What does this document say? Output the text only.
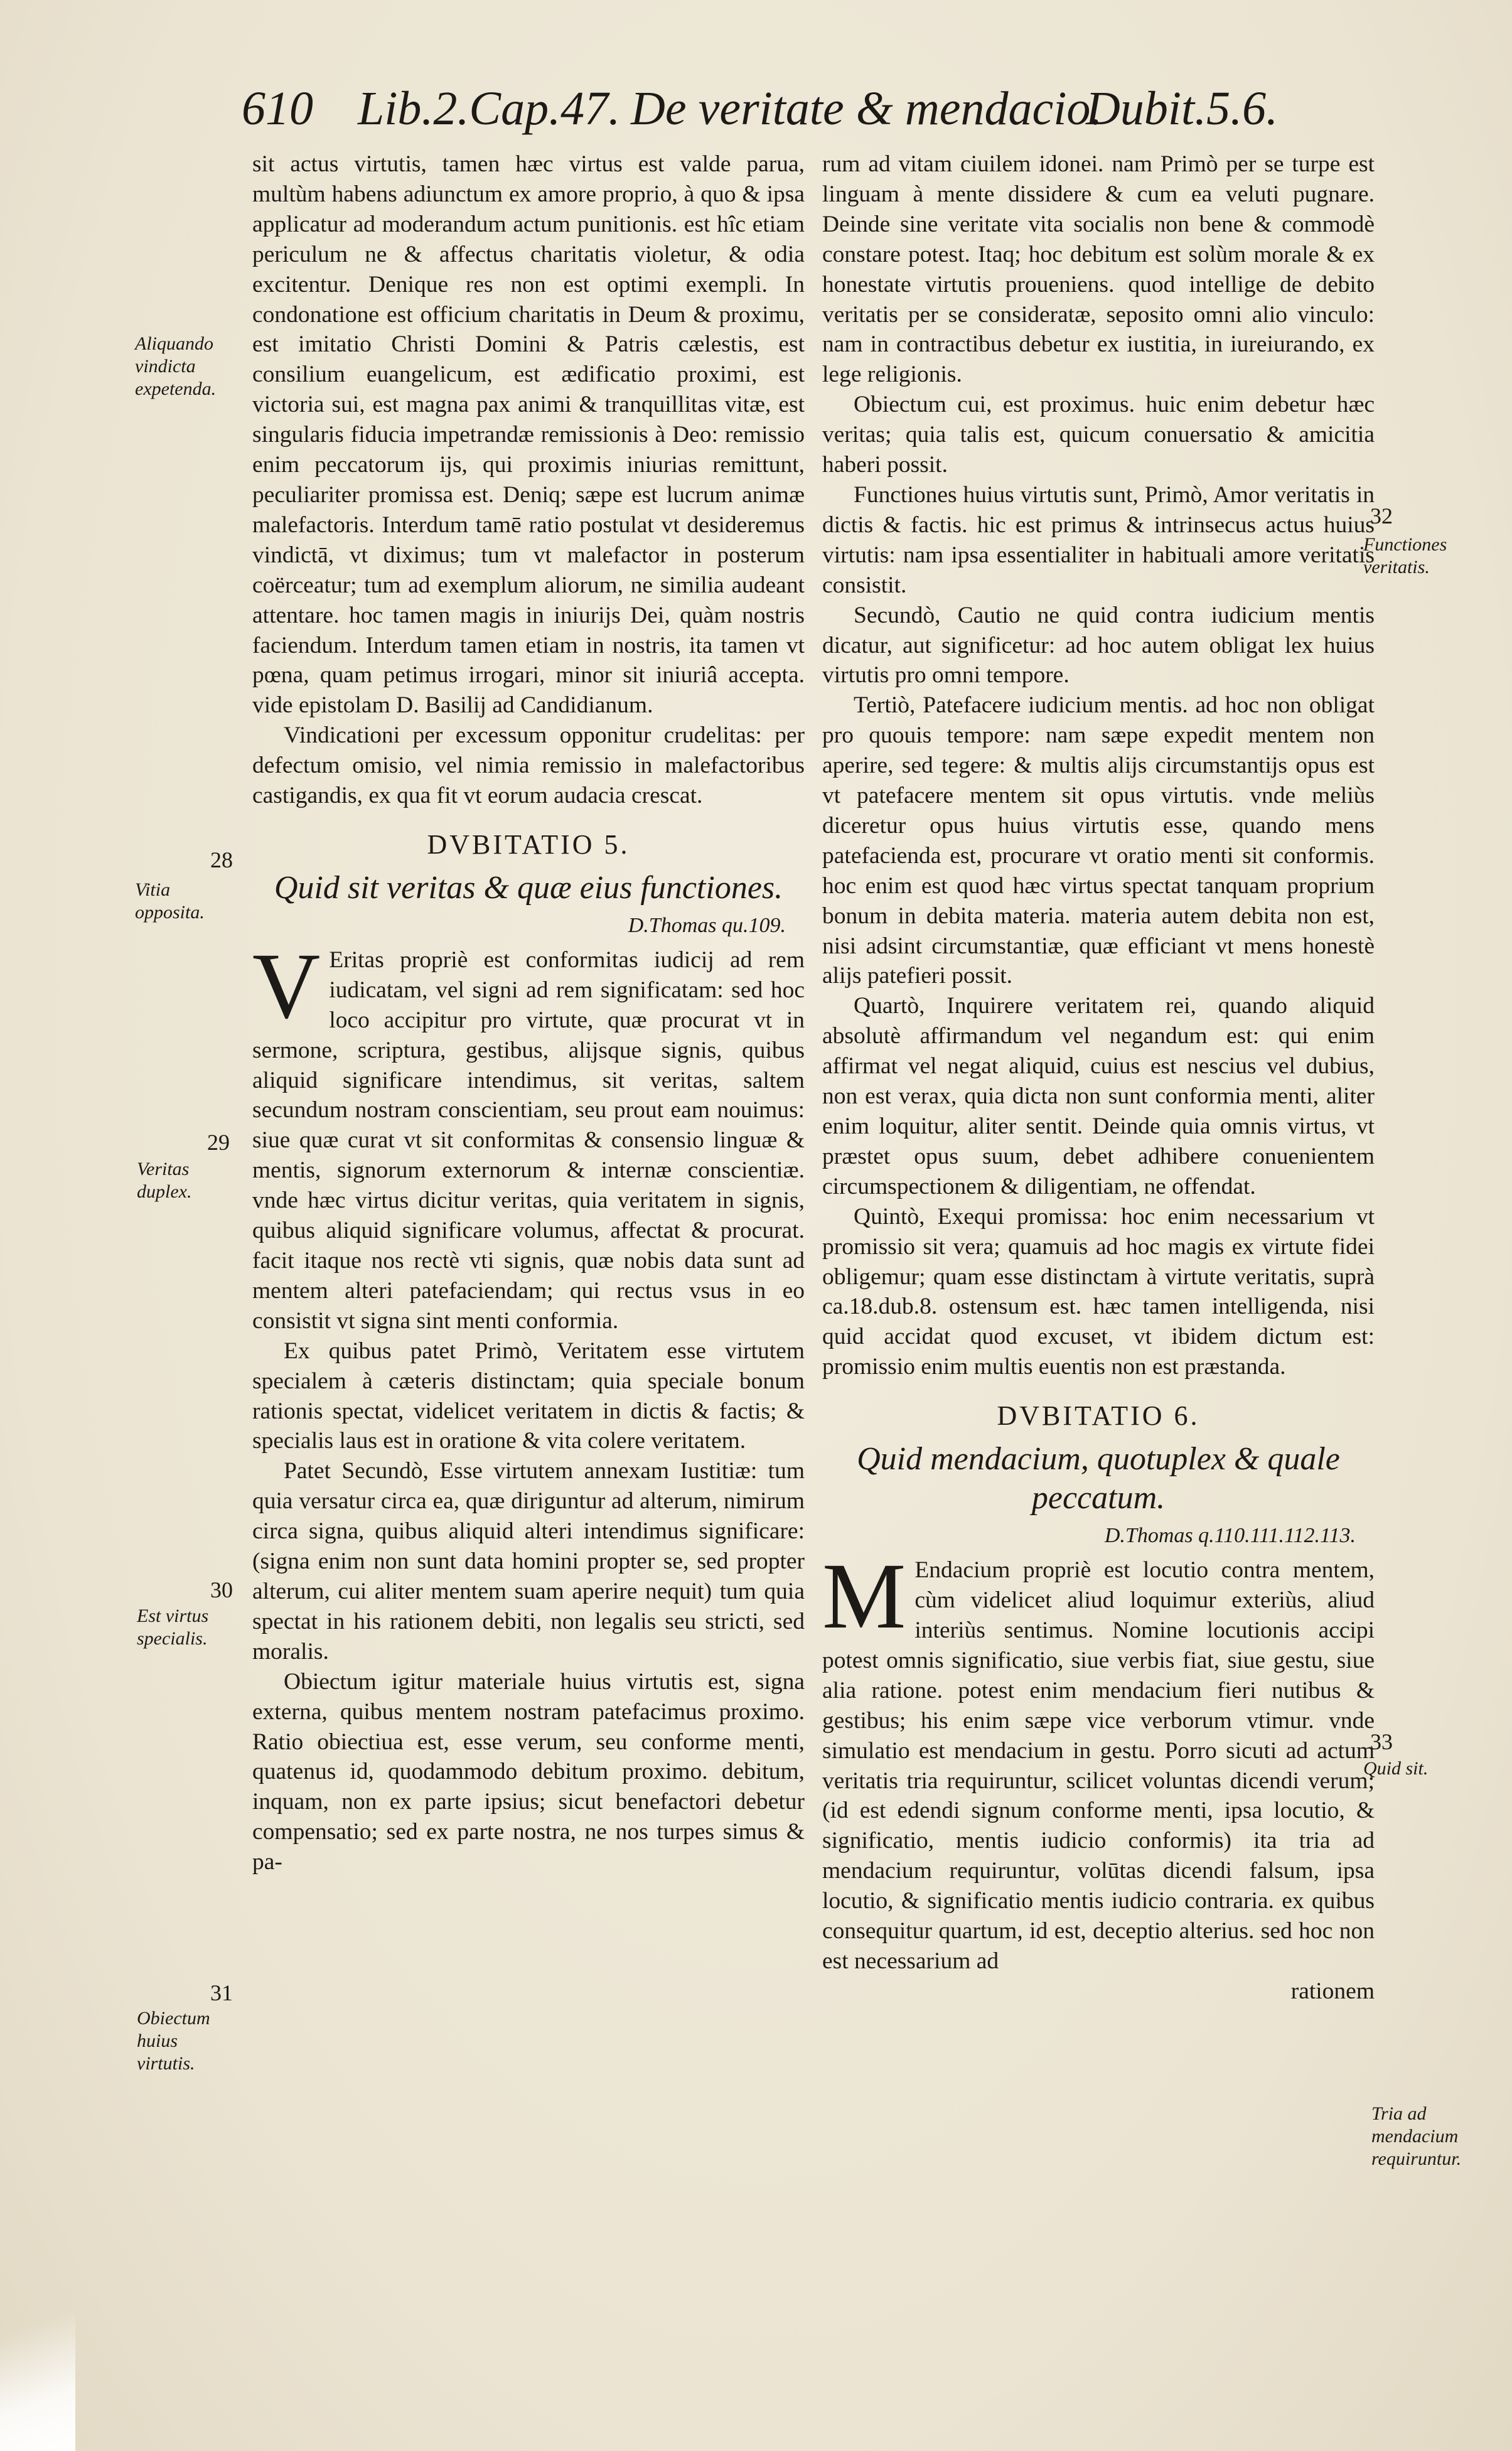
610 Lib.2.Cap.47. De veritate & mendacio.
Dubit.5.6.

sit actus virtutis, tamen hæc virtus est valde parua, multùm habens adiunctum ex amore proprio, à quo & ipsa applicatur ad moderandum actum punitionis. est hîc etiam periculum ne & affectus charitatis violetur, & odia excitentur. Denique res non est optimi exempli. In condonatione est officium charitatis in Deum & proximu, est imitatio Christi Domini & Patris cælestis, est consilium euangelicum, est ædificatio proximi, est victoria sui, est magna pax animi & tranquillitas vitæ, est singularis fiducia impetrandæ remissionis à Deo: remissio enim peccatorum ijs, qui proximis iniurias remittunt, peculiariter promissa est. Deniq; sæpe est lucrum animæ malefactoris. Interdum tamē ratio postulat vt desideremus vindictā, vt diximus; tum vt malefactor in posterum coërceatur; tum ad exemplum aliorum, ne similia audeant attentare. hoc tamen magis in iniurijs Dei, quàm nostris faciendum. Interdum tamen etiam in nostris, ita tamen vt pœna, quam petimus irrogari, minor sit iniuriâ accepta. vide epistolam D. Basilij ad Candidianum.

Vindicationi per excessum opponitur crudelitas: per defectum omisio, vel nimia remissio in malefactoribus castigandis, ex qua fit vt eorum audacia crescat.

DVBITATIO 5.
Quid sit veritas & quæ eius functiones.
D.Thomas qu.109.

V Eritas propriè est conformitas iudicij ad rem iudicatam, vel signi ad rem significatam: sed hoc loco accipitur pro virtute, quæ procurat vt in sermone, scriptura, gestibus, alijsque signis, quibus aliquid significare intendimus, sit veritas, saltem secundum nostram conscientiam, seu prout eam nouimus: siue quæ curat vt sit conformitas & consensio linguæ & mentis, signorum externorum & internæ conscientiæ. vnde hæc virtus dicitur veritas, quia veritatem in signis, quibus aliquid significare volumus, affectat & procurat. facit itaque nos rectè vti signis, quæ nobis data sunt ad mentem alteri patefaciendam; qui rectus vsus in eo consistit vt signa sint menti conformia.

Ex quibus patet Primò, Veritatem esse virtutem specialem à cæteris distinctam; quia speciale bonum rationis spectat, videlicet veritatem in dictis & factis; & specialis laus est in oratione & vita colere veritatem.

Patet Secundò, Esse virtutem annexam Iustitiæ: tum quia versatur circa ea, quæ diriguntur ad alterum, nimirum circa signa, quibus aliquid alteri intendimus significare: (signa enim non sunt data homini propter se, sed propter alterum, cui aliter mentem suam aperire nequit) tum quia spectat in his rationem debiti, non legalis seu stricti, sed moralis.

Obiectum igitur materiale huius virtutis est, signa externa, quibus mentem nostram patefacimus proximo. Ratio obiectiua est, esse verum, seu conforme menti, quatenus id, quodammodo debitum proximo. debitum, inquam, non ex parte ipsius; sicut benefactori debetur compensatio; sed ex parte nostra, ne nos turpes simus & pa-

rum ad vitam ciuilem idonei. nam Primò per se turpe est linguam à mente dissidere & cum ea veluti pugnare. Deinde sine veritate vita socialis non bene & commodè constare potest. Itaq; hoc debitum est solùm morale & ex honestate virtutis proueniens. quod intellige de debito veritatis per se consideratæ, seposito omni alio vinculo: nam in contractibus debetur ex iustitia, in iureiurando, ex lege religionis.

Obiectum cui, est proximus. huic enim debetur hæc veritas; quia talis est, quicum conuersatio & amicitia haberi possit.

Functiones huius virtutis sunt, Primò, Amor veritatis in dictis & factis. hic est primus & intrinsecus actus huius virtutis: nam ipsa essentialiter in habituali amore veritatis consistit.

Secundò, Cautio ne quid contra iudicium mentis dicatur, aut significetur: ad hoc autem obligat lex huius virtutis pro omni tempore.

Tertiò, Patefacere iudicium mentis. ad hoc non obligat pro quouis tempore: nam sæpe expedit mentem non aperire, sed tegere: & multis alijs circumstantijs opus est vt patefacere mentem sit opus virtutis. vnde meliùs diceretur opus huius virtutis esse, quando mens patefacienda est, procurare vt oratio menti sit conformis. hoc enim est quod hæc virtus spectat tanquam proprium bonum in debita materia. materia autem debita non est, nisi adsint circumstantiæ, quæ efficiant vt mens honestè alijs patefieri possit.

Quartò, Inquirere veritatem rei, quando aliquid absolutè affirmandum vel negandum est: qui enim affirmat vel negat aliquid, cuius est nescius vel dubius, non est verax, quia dicta non sunt conformia menti, aliter enim loquitur, aliter sentit. Deinde quia omnis virtus, vt præstet opus suum, debet adhibere conuenientem circumspectionem & diligentiam, ne offendat.

Quintò, Exequi promissa: hoc enim necessarium vt promissio sit vera; quamuis ad hoc magis ex virtute fidei obligemur; quam esse distinctam à virtute veritatis, suprà ca.18.dub.8. ostensum est. hæc tamen intelligenda, nisi quid accidat quod excuset, vt ibidem dictum est: promissio enim multis euentis non est præstanda.

DVBITATIO 6.
Quid mendacium, quotuplex & quale peccatum.
D.Thomas q.110.111.112.113.

M Endacium propriè est locutio contra mentem, cùm videlicet aliud loquimur exteriùs, aliud interiùs sentimus. Nomine locutionis accipi potest omnis significatio, siue verbis fiat, siue gestu, siue alia ratione. potest enim mendacium fieri nutibus & gestibus; his enim sæpe vice verborum vtimur. vnde simulatio est mendacium in gestu. Porro sicuti ad actum veritatis tria requiruntur, scilicet voluntas dicendi verum; (id est edendi signum conforme menti, ipsa locutio, & significatio, mentis iudicio conformis) ita tria ad mendacium requiruntur, volūtas dicendi falsum, ipsa locutio, & significatio mentis iudicio contraria. ex quibus consequitur quartum, id est, deceptio alterius. sed hoc non est necessarium ad

rationem

Aliquando vindicta expetenda.
28
Vitia opposita.
29
Veritas duplex.
30
Est virtus specialis.
31
Obiectum huius virtutis.
32
Functiones veritatis.
33
Quid sit.
Tria ad mendacium requiruntur.
